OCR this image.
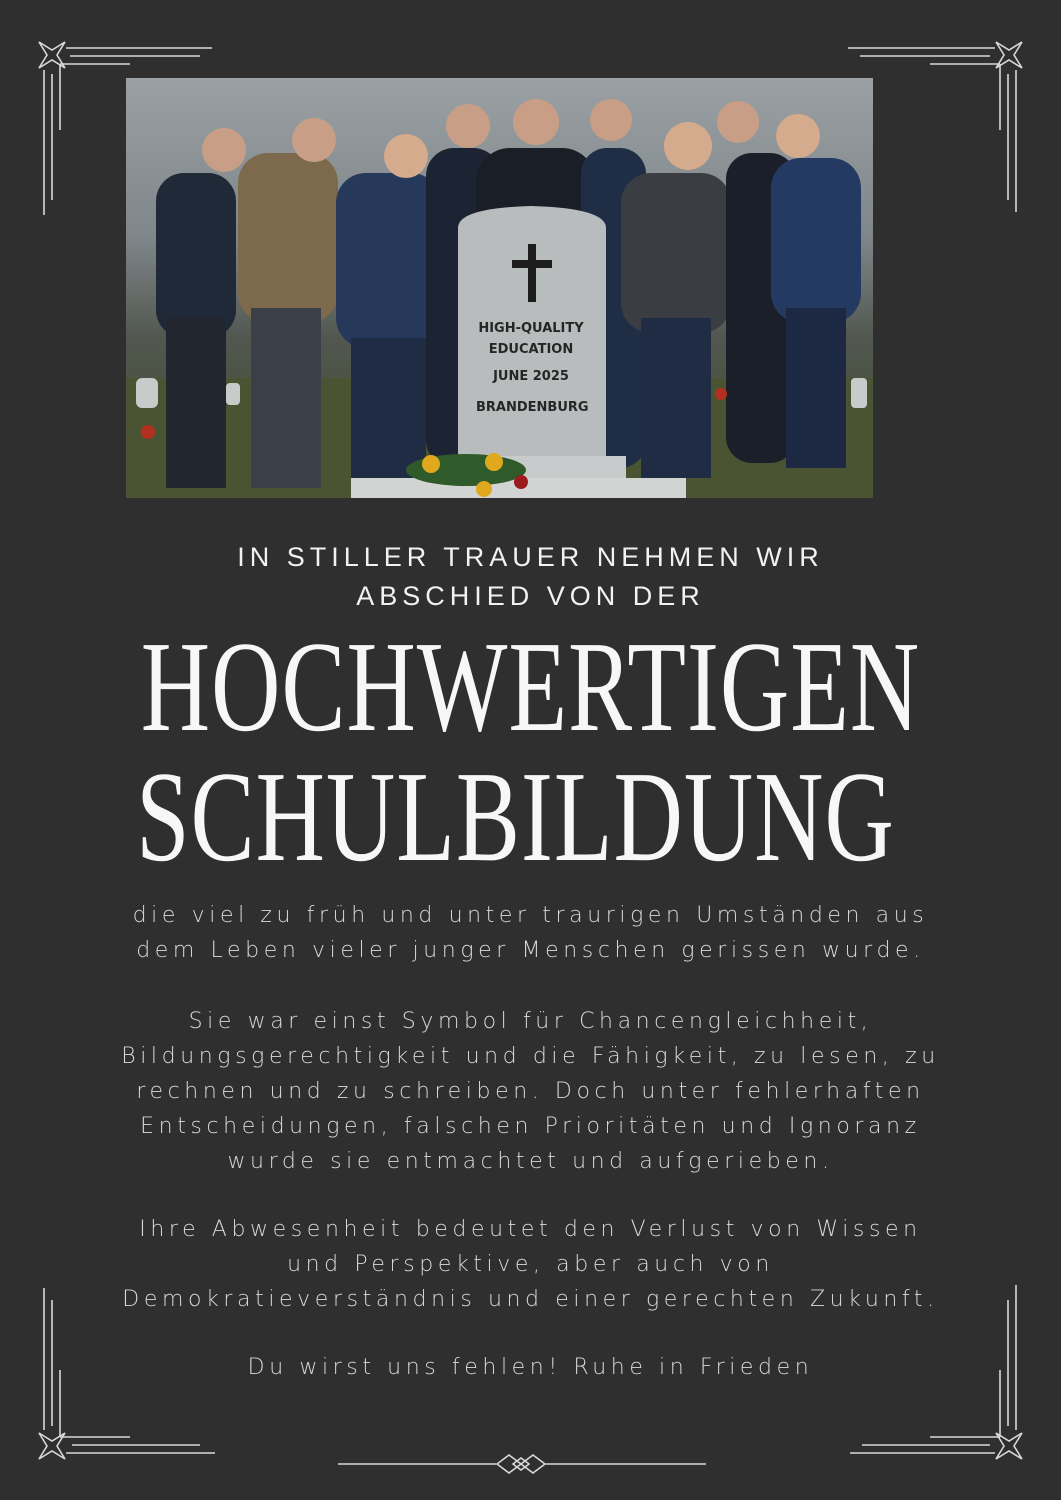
HIGH-QUALITY
EDUCATION
JUNE 2025
BRANDENBURG
IN STILLER TRAUER NEHMEN WIR
ABSCHIED VON DER
HOCHWERTIGEN
SCHULBILDUNG
die viel zu früh und unter traurigen Umständen aus
dem Leben vieler junger Menschen gerissen wurde.
Sie war einst Symbol für Chancengleichheit,
Bildungsgerechtigkeit und die Fähigkeit, zu lesen, zu
rechnen und zu schreiben. Doch unter fehlerhaften
Entscheidungen, falschen Prioritäten und Ignoranz
wurde sie entmachtet und aufgerieben.
Ihre Abwesenheit bedeutet den Verlust von Wissen
und Perspektive, aber auch von
Demokratieverständnis und einer gerechten Zukunft.
Du wirst uns fehlen! Ruhe in Frieden
